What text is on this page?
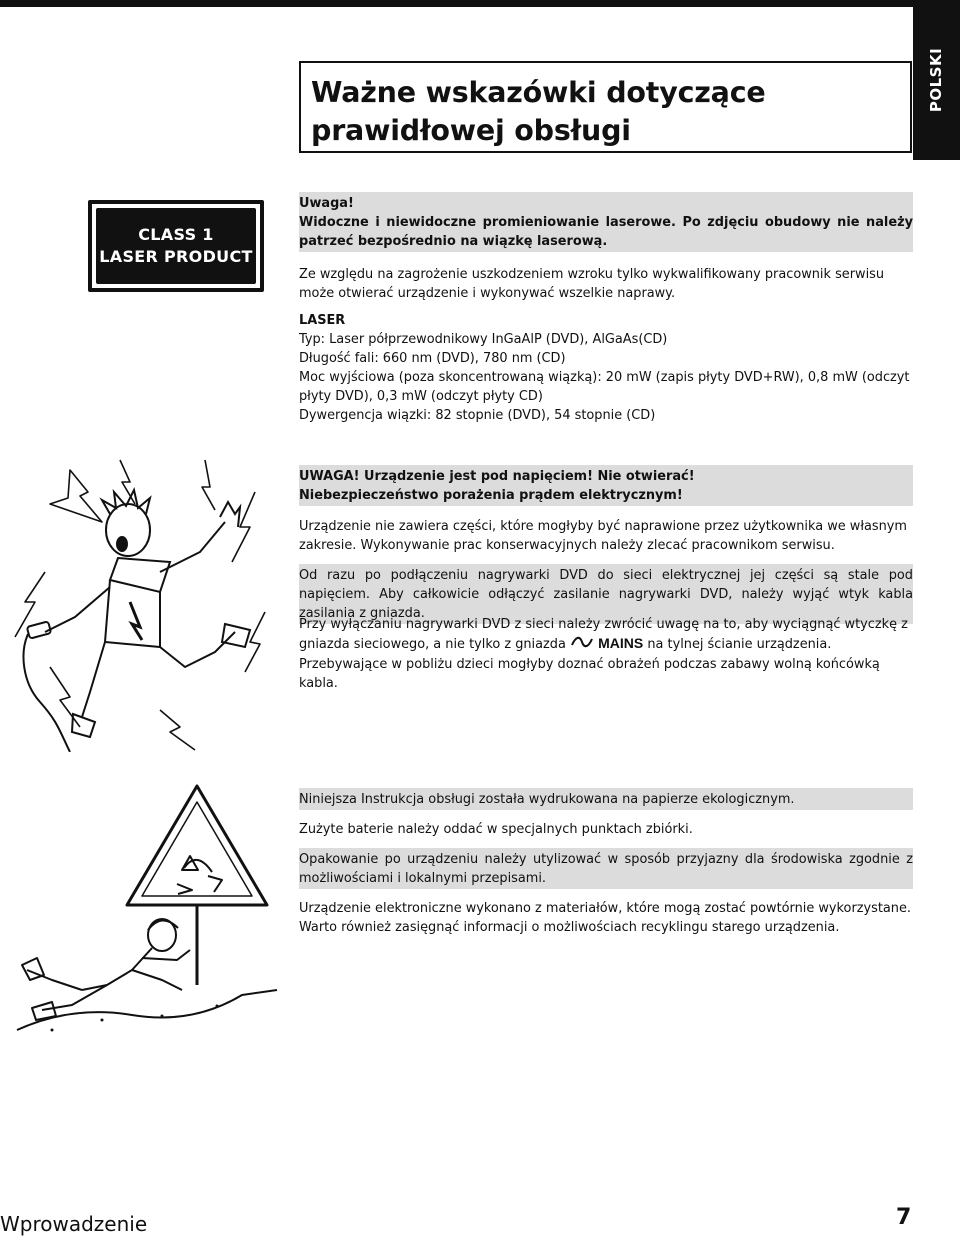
POLSKI
Ważne wskazówki dotyczące prawidłowej obsługi
CLASS 1
LASER PRODUCT
Uwaga!
Widoczne i niewidoczne promieniowanie laserowe. Po zdjęciu obudowy nie należy patrzeć bezpośrednio na wiązkę laserową.
Ze względu na zagrożenie uszkodzeniem wzroku tylko wykwalifikowany pracownik serwisu może otwierać urządzenie i wykonywać wszelkie naprawy.
LASER
Typ: Laser półprzewodnikowy InGaAlP (DVD), AlGaAs(CD)
Długość fali: 660 nm (DVD), 780 nm (CD)
Moc wyjściowa (poza skoncentrowaną wiązką): 20 mW (zapis płyty DVD+RW), 0,8 mW (odczyt płyty DVD), 0,3 mW (odczyt płyty CD)
Dywergencja wiązki: 82 stopnie (DVD), 54 stopnie (CD)
UWAGA! Urządzenie jest pod napięciem! Nie otwierać!
Niebezpieczeństwo porażenia prądem elektrycznym!
Urządzenie nie zawiera części, które mogłyby być naprawione przez użytkownika we własnym zakresie. Wykonywanie prac konserwacyjnych należy zlecać pracownikom serwisu.
Od razu po podłączeniu nagrywarki DVD do sieci elektrycznej jej części są stale pod napięciem. Aby całkowicie odłączyć zasilanie nagrywarki DVD, należy wyjąć wtyk kabla zasilania z gniazda.
Przy wyłączaniu nagrywarki DVD z sieci należy zwrócić uwagę na to, aby wyciągnąć wtyczkę z gniazda sieciowego, a nie tylko z gniazda MAINS na tylnej ścianie urządzenia. Przebywające w pobliżu dzieci mogłyby doznać obrażeń podczas zabawy wolną końcówką kabla.
Niniejsza Instrukcja obsługi została wydrukowana na papierze ekologicznym.
Zużyte baterie należy oddać w specjalnych punktach zbiórki.
Opakowanie po urządzeniu należy utylizować w sposób przyjazny dla środowiska zgodnie z możliwościami i lokalnymi przepisami.
Urządzenie elektroniczne wykonano z materiałów, które mogą zostać powtórnie wykorzystane. Warto również zasięgnąć informacji o możliwościach recyklingu starego urządzenia.
Wprowadzenie	7
